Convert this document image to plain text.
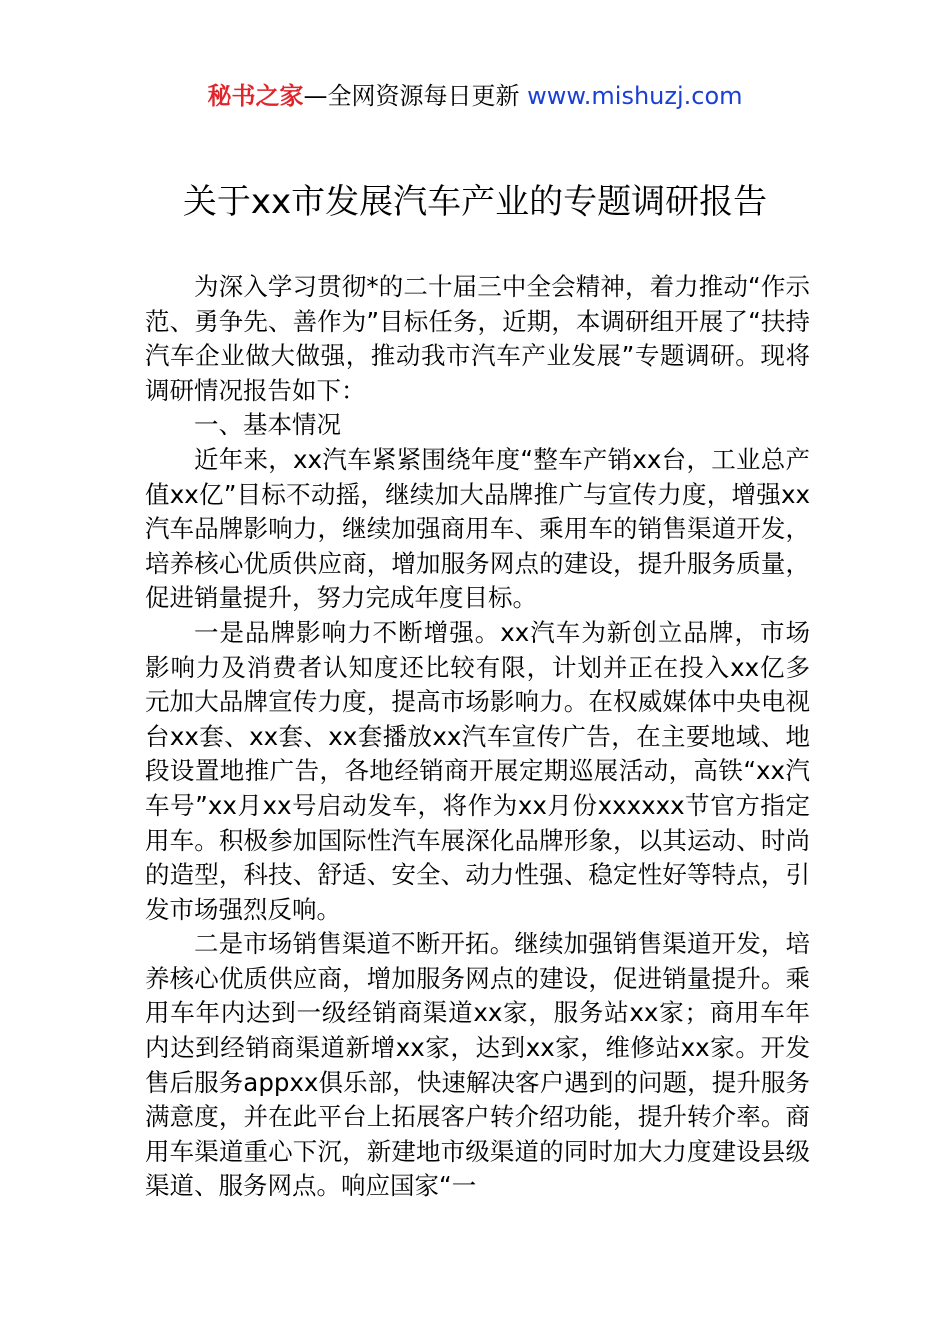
秘书之家—全网资源每日更新 www.mishuzj.com
关于xx市发展汽车产业的专题调研报告

为深入学习贯彻*的二十届三中全会精神，着力推动“作示范、勇争先、善作为”目标任务，近期，本调研组开展了“扶持汽车企业做大做强，推动我市汽车产业发展”专题调研。现将调研情况报告如下：

一、基本情况

近年来，xx汽车紧紧围绕年度“整车产销xx台，工业总产值xx亿”目标不动摇，继续加大品牌推广与宣传力度，增强xx汽车品牌影响力，继续加强商用车、乘用车的销售渠道开发，培养核心优质供应商，增加服务网点的建设，提升服务质量，促进销量提升，努力完成年度目标。

一是品牌影响力不断增强。xx汽车为新创立品牌，市场影响力及消费者认知度还比较有限，计划并正在投入xx亿多元加大品牌宣传力度，提高市场影响力。在权威媒体中央电视台xx套、xx套、xx套播放xx汽车宣传广告，在主要地域、地段设置地推广告，各地经销商开展定期巡展活动，高铁“xx汽车号”xx月xx号启动发车，将作为xx月份xxxxxx节官方指定用车。积极参加国际性汽车展深化品牌形象，以其运动、时尚的造型，科技、舒适、安全、动力性强、稳定性好等特点，引发市场强烈反响。

二是市场销售渠道不断开拓。继续加强销售渠道开发，培养核心优质供应商，增加服务网点的建设，促进销量提升。乘用车年内达到一级经销商渠道xx家，服务站xx家；商用车年内达到经销商渠道新增xx家，达到xx家，维修站xx家。开发售后服务appxx俱乐部，快速解决客户遇到的问题，提升服务满意度，并在此平台上拓展客户转介绍功能，提升转介率。商用车渠道重心下沉，新建地市级渠道的同时加大力度建设县级渠道、服务网点。响应国家“一
